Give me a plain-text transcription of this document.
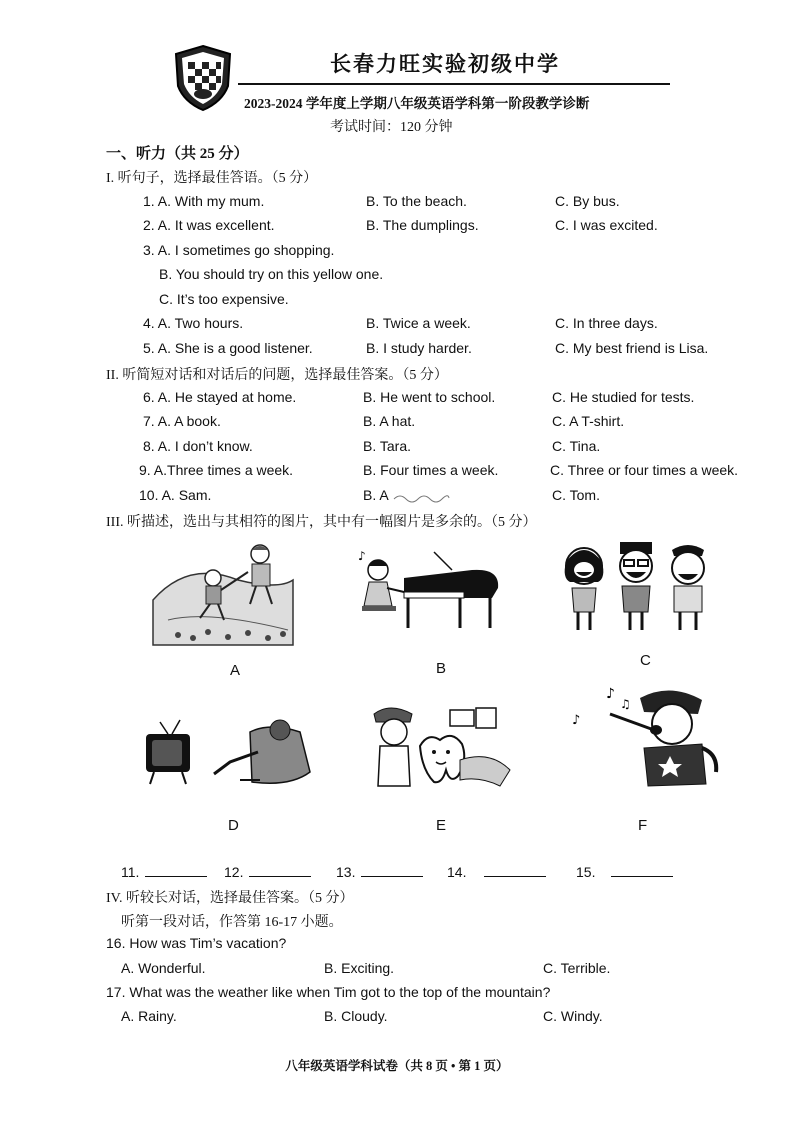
长春力旺实验初级中学
2023-2024 学年度上学期八年级英语学科第一阶段教学诊断
考试时间：120 分钟
一、听力（共 25 分）
I. 听句子，选择最佳答语。（5 分）
1. A. With my mum.	B. To the beach.	C. By bus.
2. A. It was excellent.	B. The dumplings.	C. I was excited.
3. A. I sometimes go shopping.
B. You should try on this yellow one.
C. It’s too expensive.
4. A. Two hours.	B. Twice a week.	C. In three days.
5. A. She is a good listener.	B. I study harder.	C. My best friend is Lisa.
II. 听简短对话和对话后的问题，选择最佳答案。（5 分）
6. A. He stayed at home.	B. He went to school.	C. He studied for tests.
7. A. A book.	B. A hat.	C. A T-shirt.
8. A. I don’t know.	B. Tara.	C. Tina.
9. A.Three times a week.	B. Four times a week.	C. Three or four times a week.
10. A. Sam.	B. A	C. Tom.
III. 听描述，选出与其相符的图片，其中有一幅图片是多余的。（5 分）
A
♪
B	C
D	E
♪
♫
♪
F
11.	12.	13.	14.	15.
IV. 听较长对话，选择最佳答案。（5 分）
听第一段对话，作答第 16-17 小题。
16. How was Tim’s vacation?
A. Wonderful.	B. Exciting.	C. Terrible.
17. What was the weather like when Tim got to the top of the mountain?
A. Rainy.	B. Cloudy.	C. Windy.
八年级英语学科试卷（共 8 页 • 第 1 页）
